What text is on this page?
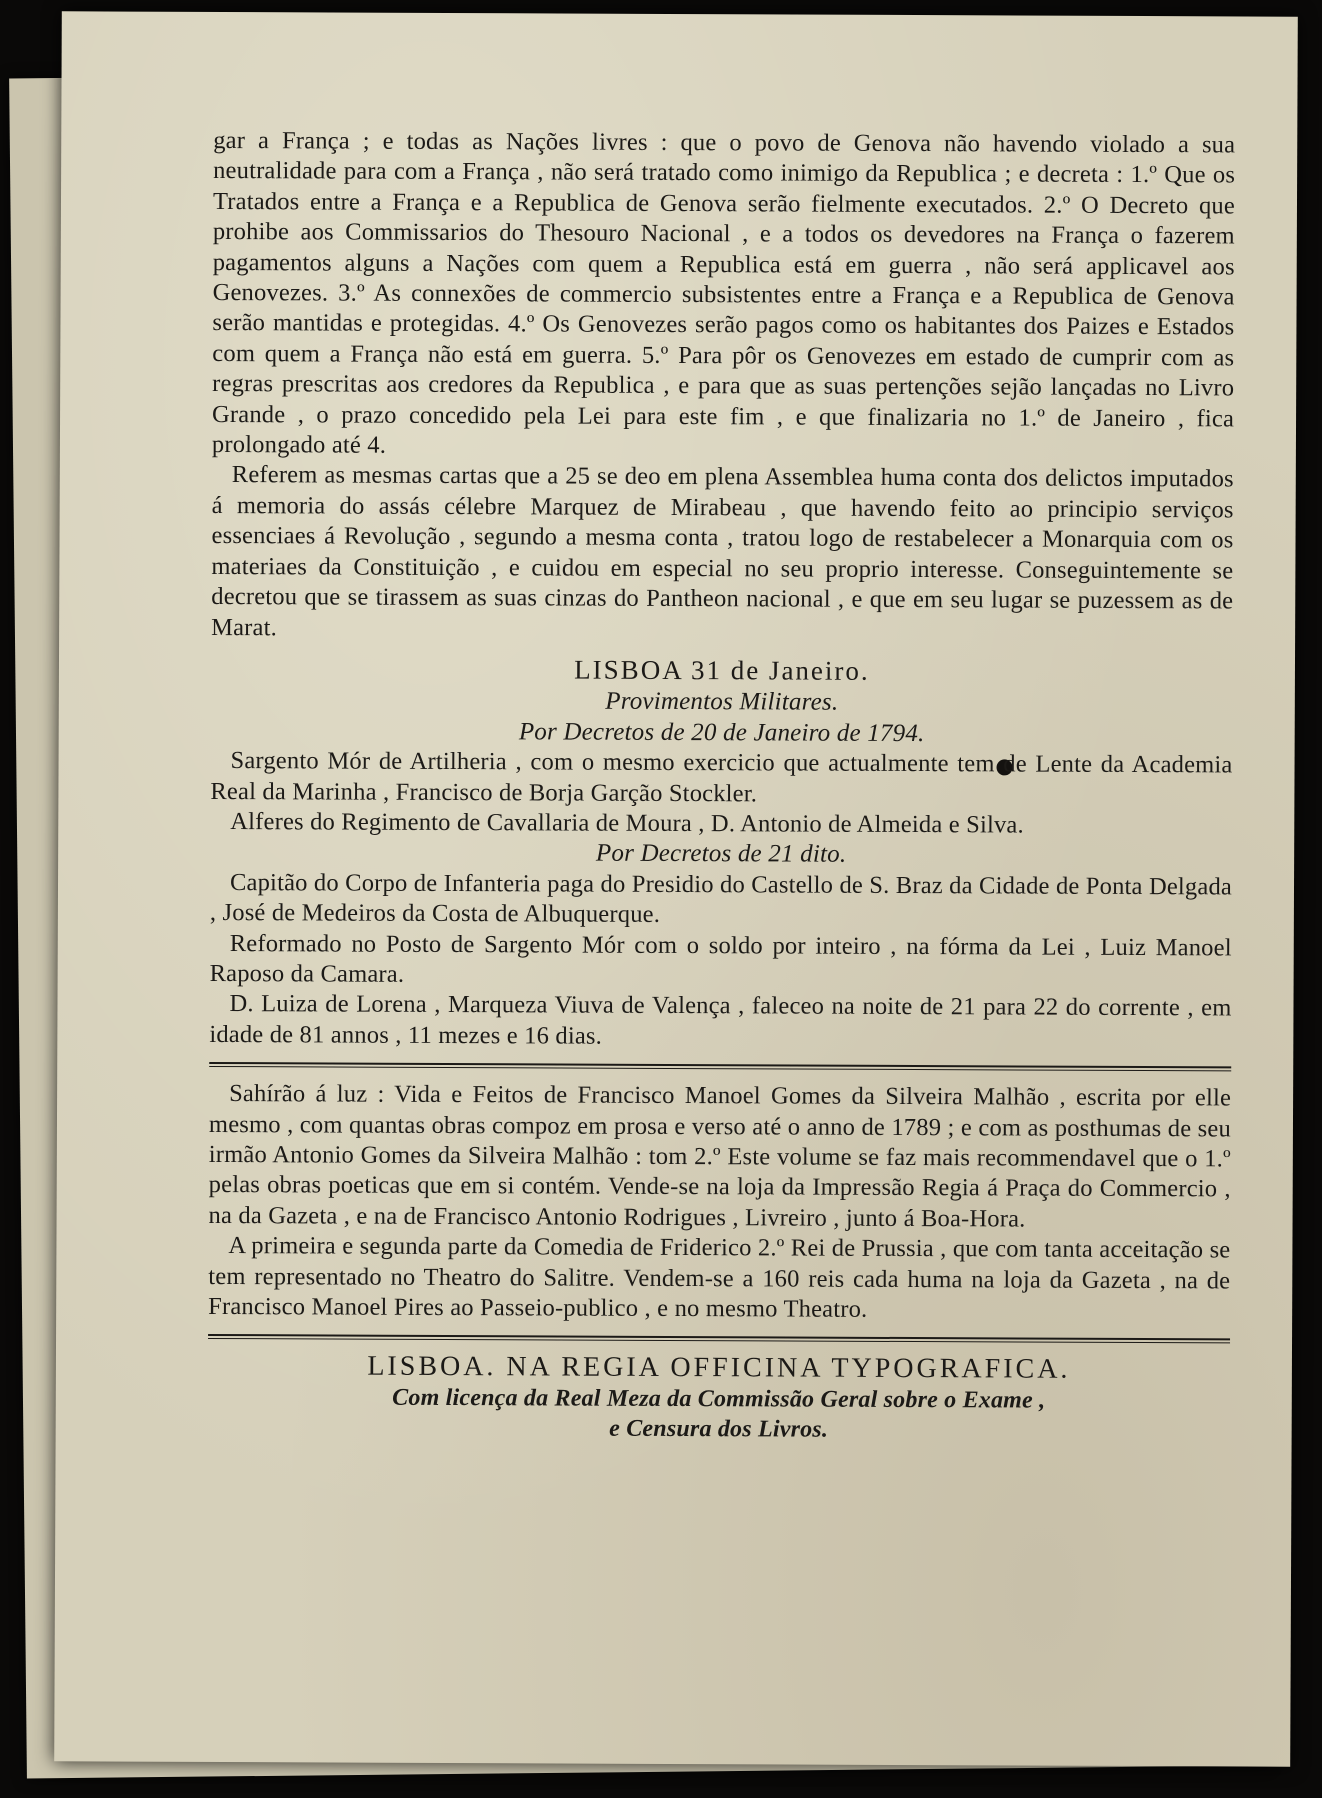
gar a França ; e todas as Nações livres : que o povo de Genova não havendo violado a sua neutralidade para com a França , não será tratado como inimigo da Republica ; e decreta : 1.º Que os Tratados entre a França e a Republica de Genova serão fielmente executados. 2.º O Decreto que prohibe aos Commissarios do Thesouro Nacional , e a todos os devedores na França o fazerem pagamentos alguns a Nações com quem a Republica está em guerra , não será applicavel aos Genovezes. 3.º As connexões de commercio subsistentes entre a França e a Republica de Genova serão mantidas e protegidas. 4.º Os Genovezes serão pagos como os habitantes dos Paizes e Estados com quem a França não está em guerra. 5.º Para pôr os Genovezes em estado de cumprir com as regras prescritas aos credores da Republica , e para que as suas pertenções sejão lançadas no Livro Grande , o prazo concedido pela Lei para este fim , e que finalizaria no 1.º de Janeiro , fica prolongado até 4.

Referem as mesmas cartas que a 25 se deo em plena Assemblea huma conta dos delictos imputados á memoria do assás célebre Marquez de Mirabeau , que havendo feito ao principio serviços essenciaes á Revolução , segundo a mesma conta , tratou logo de restabelecer a Monarquia com os materiaes da Constituição , e cuidou em especial no seu proprio interesse. Conseguintemente se decretou que se tirassem as suas cinzas do Pantheon nacional , e que em seu lugar se puzessem as de Marat.

LISBOA 31 de Janeiro.

Provimentos Militares.

Por Decretos de 20 de Janeiro de 1794.

Sargento Mór de Artilheria , com o mesmo exercicio que actualmente tem de Lente da Academia Real da Marinha , Francisco de Borja Garção Stockler.

Alferes do Regimento de Cavallaria de Moura , D. Antonio de Almeida e Silva.

Por Decretos de 21 dito.

Capitão do Corpo de Infanteria paga do Presidio do Castello de S. Braz da Cidade de Ponta Delgada , José de Medeiros da Costa de Albuquerque.

Reformado no Posto de Sargento Mór com o soldo por inteiro , na fórma da Lei , Luiz Manoel Raposo da Camara.

D. Luiza de Lorena , Marqueza Viuva de Valença , faleceo na noite de 21 para 22 do corrente , em idade de 81 annos , 11 mezes e 16 dias.

Sahírão á luz : Vida e Feitos de Francisco Manoel Gomes da Silveira Malhão , escrita por elle mesmo , com quantas obras compoz em prosa e verso até o anno de 1789 ; e com as posthumas de seu irmão Antonio Gomes da Silveira Malhão : tom 2.º Este volume se faz mais recommendavel que o 1.º pelas obras poeticas que em si contém. Vende-se na loja da Impressão Regia á Praça do Commercio , na da Gazeta , e na de Francisco Antonio Rodrigues , Livreiro , junto á Boa-Hora.

A primeira e segunda parte da Comedia de Friderico 2.º Rei de Prussia , que com tanta acceitação se tem representado no Theatro do Salitre. Vendem-se a 160 reis cada huma na loja da Gazeta , na de Francisco Manoel Pires ao Passeio-publico , e no mesmo Theatro.

LISBOA. NA REGIA OFFICINA TYPOGRAFICA.
Com licença da Real Meza da Commissão Geral sobre o Exame ,
e Censura dos Livros.
